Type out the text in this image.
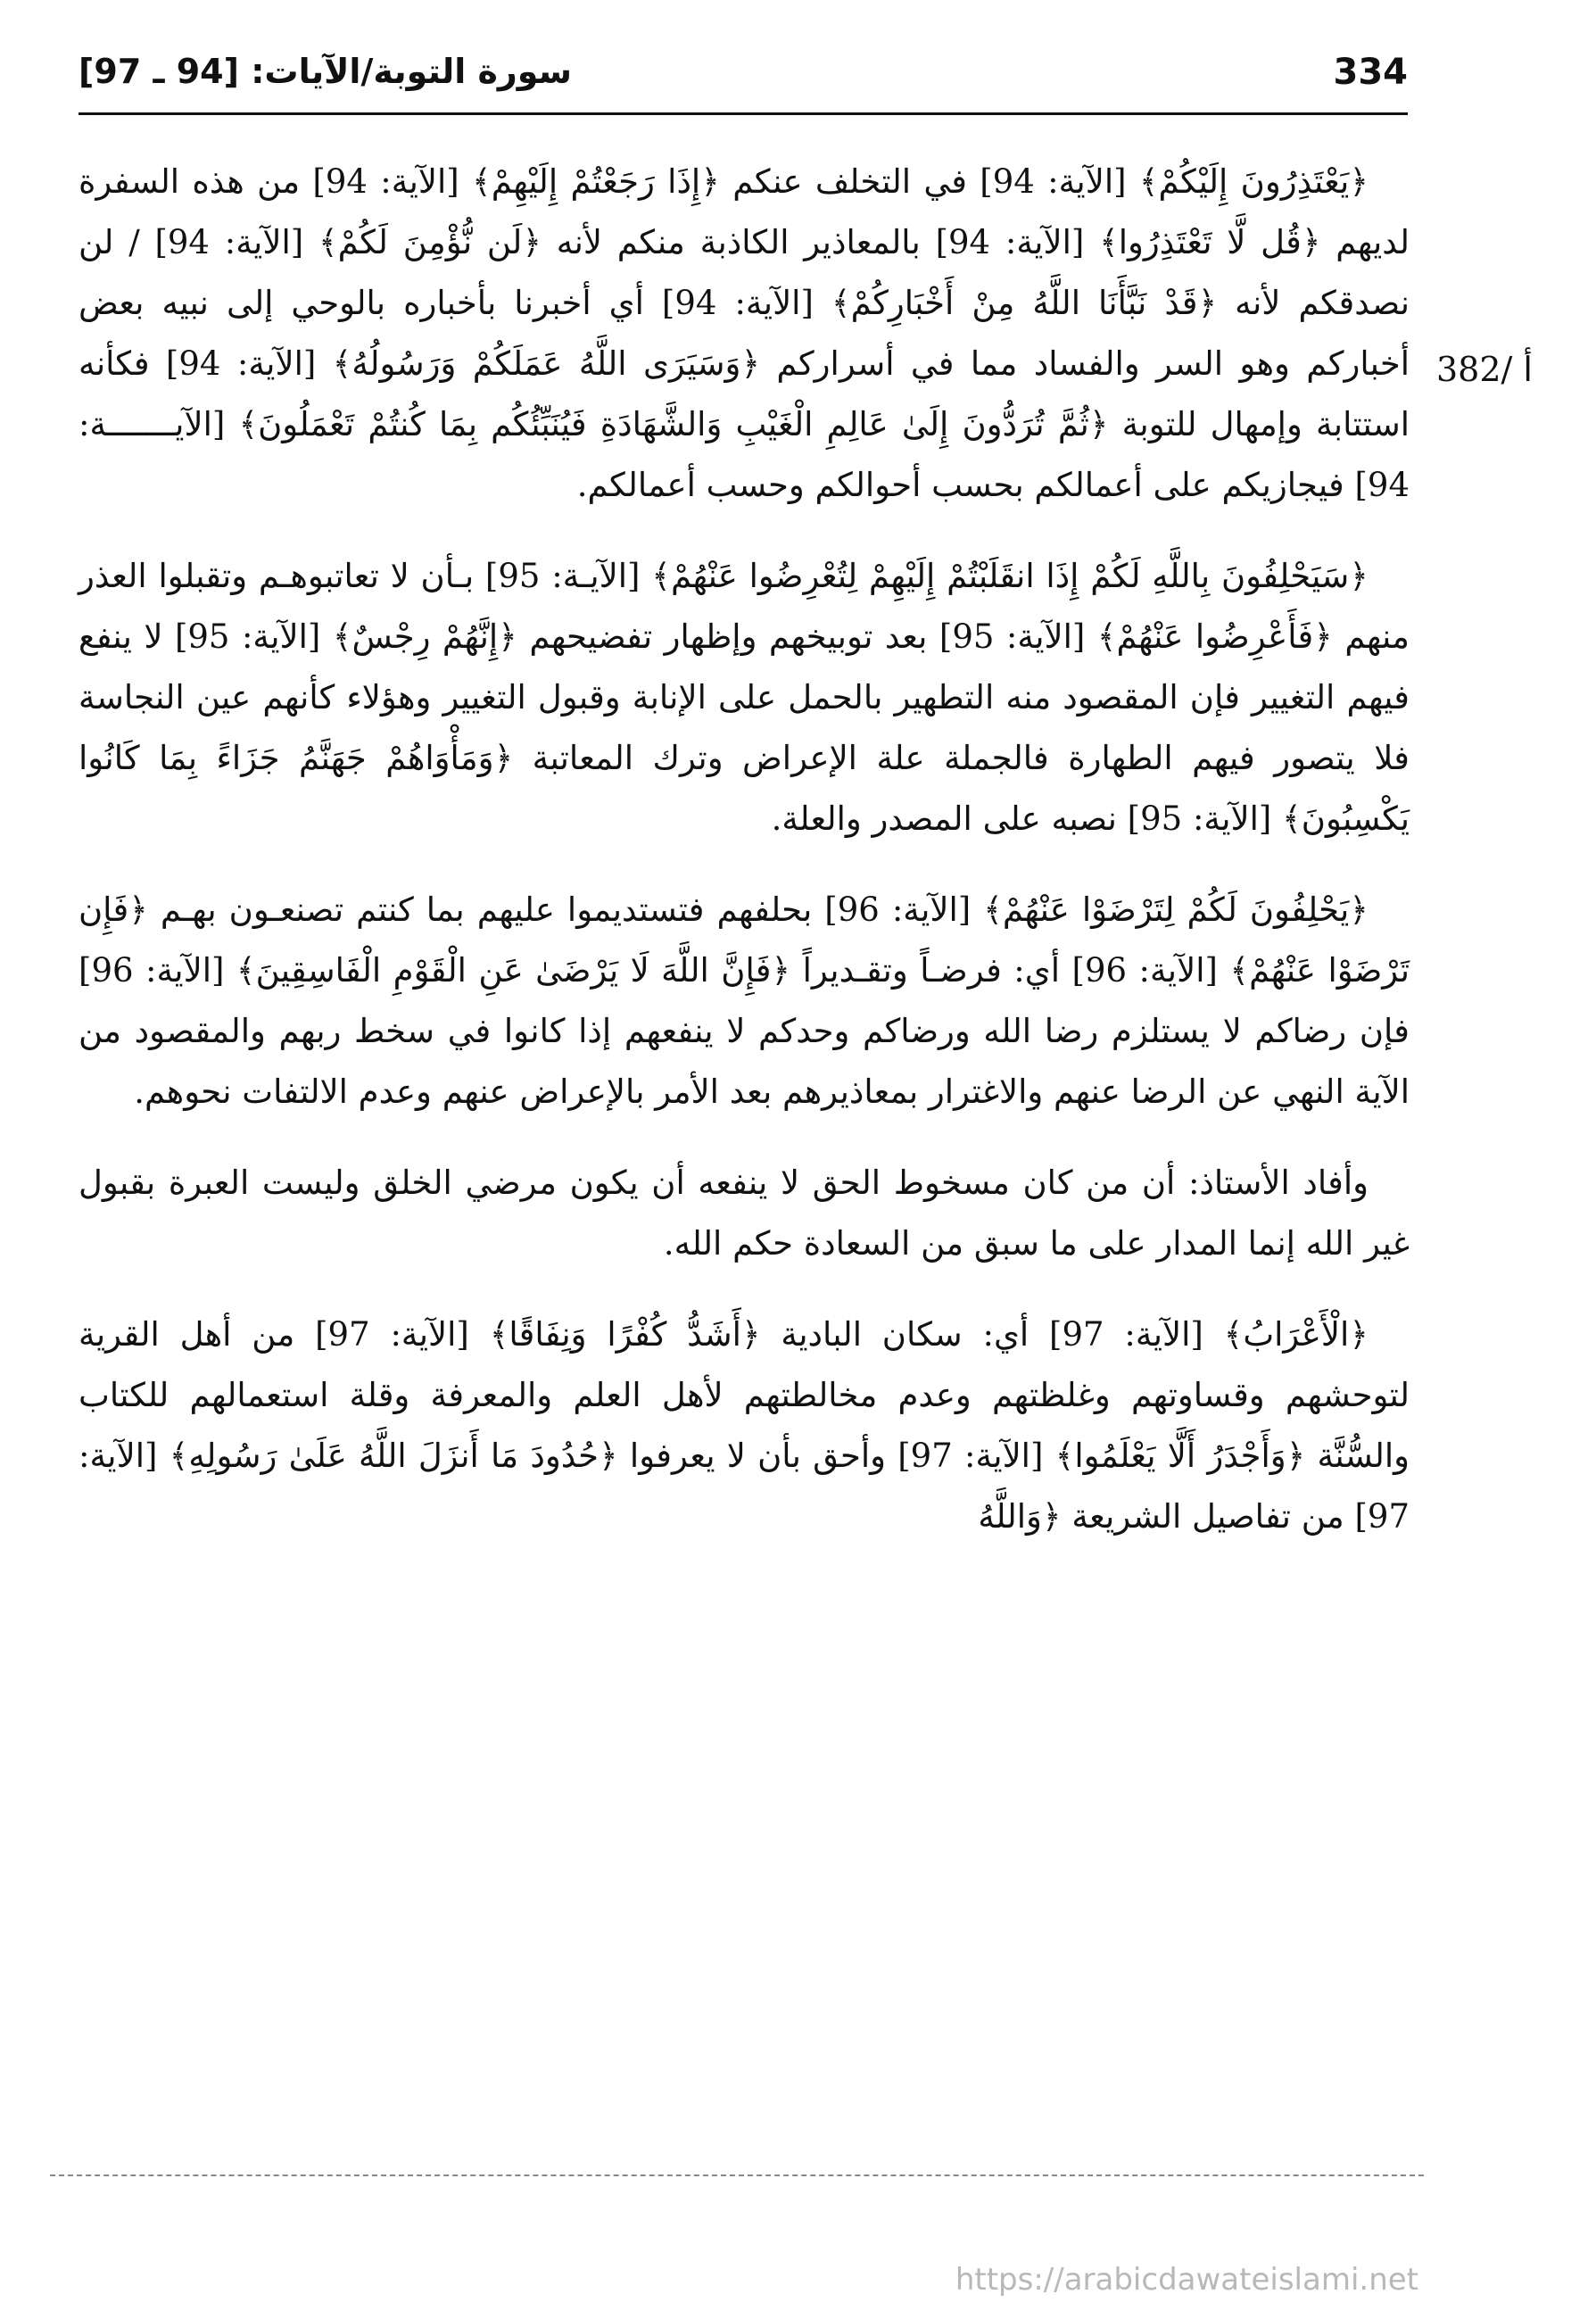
334
سورة التوبة/الآيات: [94 ـ 97]
382/ أ

﴿يَعْتَذِرُونَ إِلَيْكُمْ﴾ [الآية: 94] في التخلف عنكم ﴿إِذَا رَجَعْتُمْ إِلَيْهِمْ﴾ [الآية: 94] من هذه السفرة لديهم ﴿قُل لَّا تَعْتَذِرُوا﴾ [الآية: 94] بالمعاذير الكاذبة منكم لأنه ﴿لَن نُّؤْمِنَ لَكُمْ﴾ [الآية: 94] / لن نصدقكم لأنه ﴿قَدْ نَبَّأَنَا اللَّهُ مِنْ أَخْبَارِكُمْ﴾ [الآية: 94] أي أخبرنا بأخباره بالوحي إلى نبيه بعض أخباركم وهو السر والفساد مما في أسراركم ﴿وَسَيَرَى اللَّهُ عَمَلَكُمْ وَرَسُولُهُ﴾ [الآية: 94] فكأنه استتابة وإمهال للتوبة ﴿ثُمَّ تُرَدُّونَ إِلَىٰ عَالِمِ الْغَيْبِ وَالشَّهَادَةِ فَيُنَبِّئُكُم بِمَا كُنتُمْ تَعْمَلُونَ﴾ [الآيـــــــة: 94] فيجازيكم على أعمالكم بحسب أحوالكم وحسب أعمالكم.

﴿سَيَحْلِفُونَ بِاللَّهِ لَكُمْ إِذَا انقَلَبْتُمْ إِلَيْهِمْ لِتُعْرِضُوا عَنْهُمْ﴾ [الآيـة: 95] بـأن لا تعاتبوهـم وتقبلوا العذر منهم ﴿فَأَعْرِضُوا عَنْهُمْ﴾ [الآية: 95] بعد توبيخهم وإظهار تفضيحهم ﴿إِنَّهُمْ رِجْسٌ﴾ [الآية: 95] لا ينفع فيهم التغيير فإن المقصود منه التطهير بالحمل على الإنابة وقبول التغيير وهؤلاء كأنهم عين النجاسة فلا يتصور فيهم الطهارة فالجملة علة الإعراض وترك المعاتبة ﴿وَمَأْوَاهُمْ جَهَنَّمُ جَزَاءً بِمَا كَانُوا يَكْسِبُونَ﴾ [الآية: 95] نصبه على المصدر والعلة.

﴿يَحْلِفُونَ لَكُمْ لِتَرْضَوْا عَنْهُمْ﴾ [الآية: 96] بحلفهم فتستديموا عليهم بما كنتم تصنعـون بهـم ﴿فَإِن تَرْضَوْا عَنْهُمْ﴾ [الآية: 96] أي: فرضـاً وتقـديراً ﴿فَإِنَّ اللَّهَ لَا يَرْضَىٰ عَنِ الْقَوْمِ الْفَاسِقِينَ﴾ [الآية: 96] فإن رضاكم لا يستلزم رضا الله ورضاكم وحدكم لا ينفعهم إذا كانوا في سخط ربهم والمقصود من الآية النهي عن الرضا عنهم والاغترار بمعاذيرهم بعد الأمر بالإعراض عنهم وعدم الالتفات نحوهم.

وأفاد الأستاذ: أن من كان مسخوط الحق لا ينفعه أن يكون مرضي الخلق وليست العبرة بقبول غير الله إنما المدار على ما سبق من السعادة حكم الله.

﴿الْأَعْرَابُ﴾ [الآية: 97] أي: سكان البادية ﴿أَشَدُّ كُفْرًا وَنِفَاقًا﴾ [الآية: 97] من أهل القرية لتوحشهم وقساوتهم وغلظتهم وعدم مخالطتهم لأهل العلم والمعرفة وقلة استعمالهم للكتاب والسُّنَّة ﴿وَأَجْدَرُ أَلَّا يَعْلَمُوا﴾ [الآية: 97] وأحق بأن لا يعرفوا ﴿حُدُودَ مَا أَنزَلَ اللَّهُ عَلَىٰ رَسُولِهِ﴾ [الآية: 97] من تفاصيل الشريعة ﴿وَاللَّهُ

https://arabicdawateislami.net
